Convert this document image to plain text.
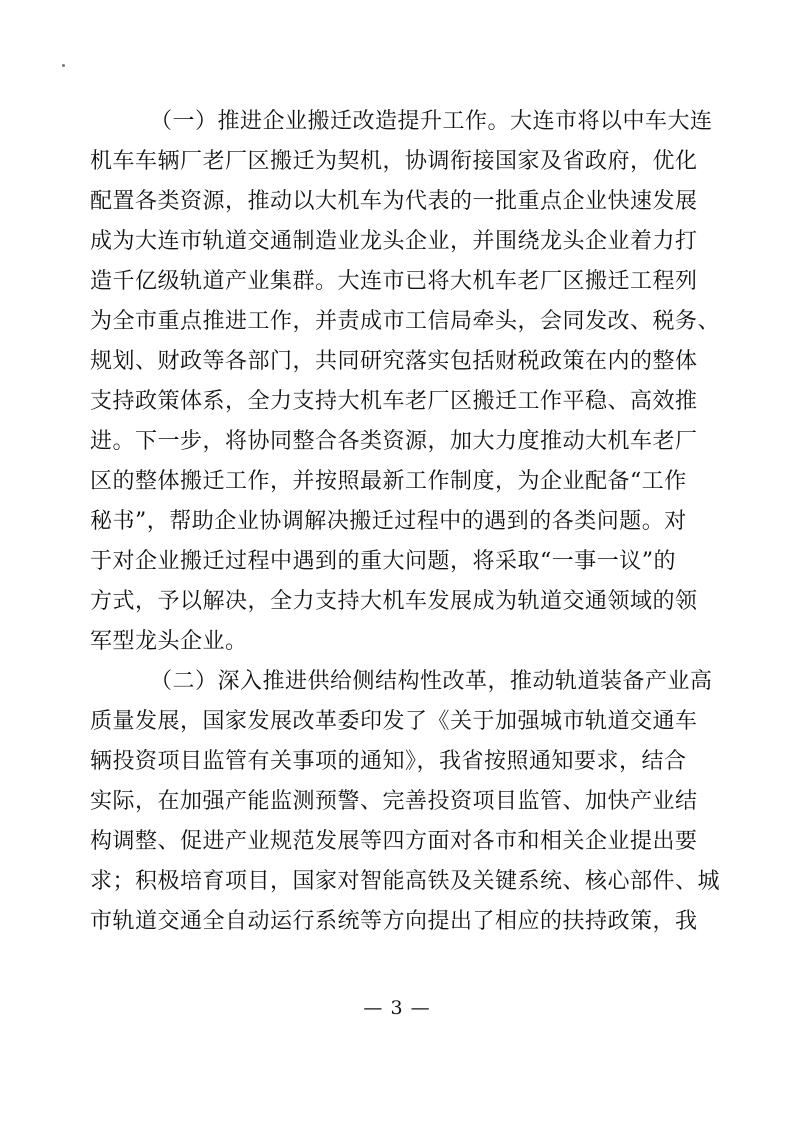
（一）推进企业搬迁改造提升工作。大连市将以中车大连
机车车辆厂老厂区搬迁为契机，协调衔接国家及省政府，优化
配置各类资源，推动以大机车为代表的一批重点企业快速发展
成为大连市轨道交通制造业龙头企业，并围绕龙头企业着力打
造千亿级轨道产业集群。大连市已将大机车老厂区搬迁工程列
为全市重点推进工作，并责成市工信局牵头，会同发改、税务、
规划、财政等各部门，共同研究落实包括财税政策在内的整体
支持政策体系，全力支持大机车老厂区搬迁工作平稳、高效推
进。下一步，将协同整合各类资源，加大力度推动大机车老厂
区的整体搬迁工作，并按照最新工作制度，为企业配备“工作
秘书”，帮助企业协调解决搬迁过程中的遇到的各类问题。对
于对企业搬迁过程中遇到的重大问题，将采取“一事一议”的
方式，予以解决，全力支持大机车发展成为轨道交通领域的领
军型龙头企业。
（二）深入推进供给侧结构性改革，推动轨道装备产业高
质量发展，国家发展改革委印发了《关于加强城市轨道交通车
辆投资项目监管有关事项的通知》，我省按照通知要求，结合
实际，在加强产能监测预警、完善投资项目监管、加快产业结
构调整、促进产业规范发展等四方面对各市和相关企业提出要
求；积极培育项目，国家对智能高铁及关键系统、核心部件、城
市轨道交通全自动运行系统等方向提出了相应的扶持政策，我
— 3 —
